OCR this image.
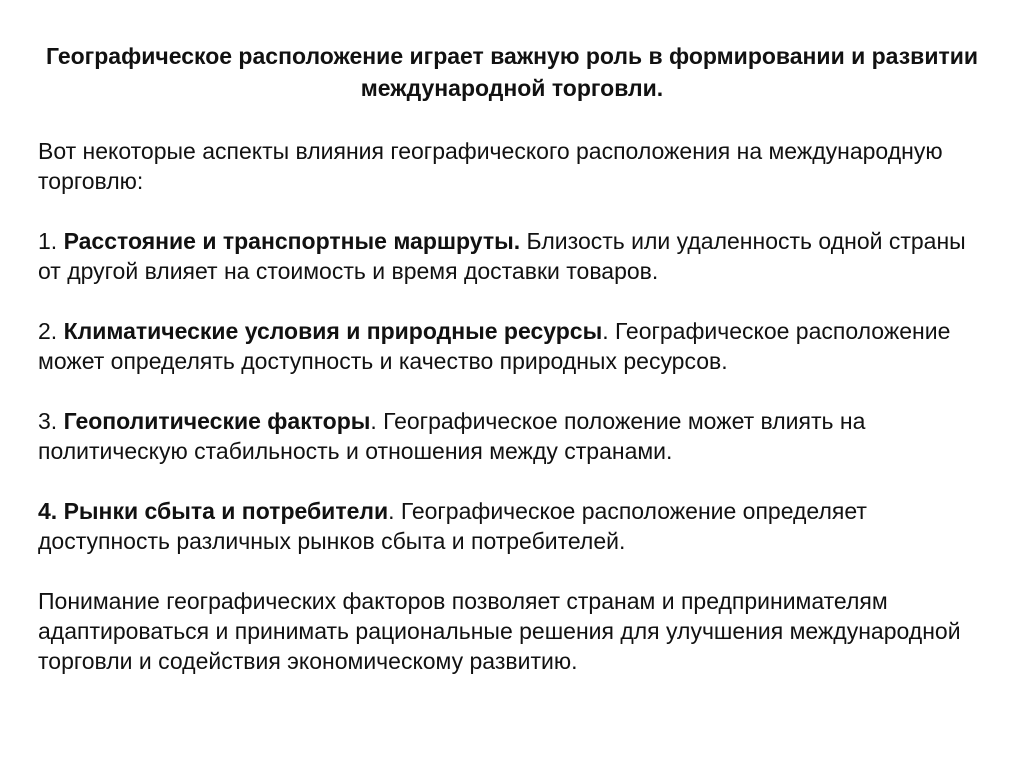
Географическое расположение играет важную роль в формировании и развитии международной торговли.

Вот некоторые аспекты влияния географического расположения на международную торговлю:

1. Расстояние и транспортные маршруты. Близость или удаленность одной страны от другой влияет на стоимость и время доставки товаров.

2. Климатические условия и природные ресурсы. Географическое расположение может определять доступность и качество природных ресурсов.

3. Геополитические факторы. Географическое положение может влиять на политическую стабильность и отношения между странами.

4. Рынки сбыта и потребители. Географическое расположение определяет доступность различных рынков сбыта и потребителей.

Понимание географических факторов позволяет странам и предпринимателям адаптироваться и принимать рациональные решения для улучшения международной торговли и содействия экономическому развитию.
